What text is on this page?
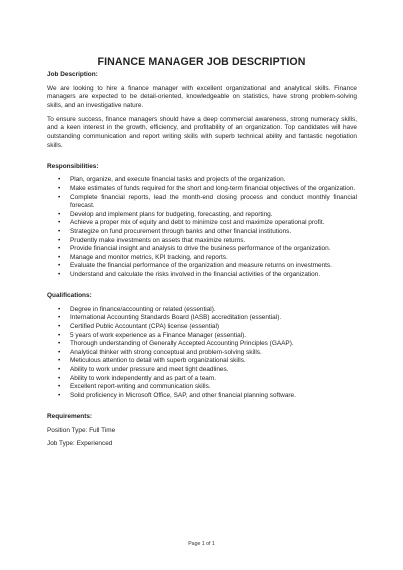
FINANCE MANAGER JOB DESCRIPTION
Job Description:

We are looking to hire a finance manager with excellent organizational and analytical skills. Finance managers are expected to be detail-oriented, knowledgeable on statistics, have strong problem-solving skills, and an investigative nature.

To ensure success, finance managers should have a deep commercial awareness, strong numeracy skills, and a keen interest in the growth, efficiency, and profitability of an organization. Top candidates will have outstanding communication and report writing skills with superb technical ability and fantastic negotiation skills.

Responsibilities:
• Plan, organize, and execute financial tasks and projects of the organization.
• Make estimates of funds required for the short and long-term financial objectives of the organization.
• Complete financial reports, lead the month-end closing process and conduct monthly financial forecast.
• Develop and implement plans for budgeting, forecasting, and reporting.
• Achieve a proper mix of equity and debt to minimize cost and maximize operational profit.
• Strategize on fund procurement through banks and other financial institutions.
• Prudently make investments on assets that maximize returns.
• Provide financial insight and analysis to drive the business performance of the organization.
• Manage and monitor metrics, KPI tracking, and reports.
• Evaluate the financial performance of the organization and measure returns on investments.
• Understand and calculate the risks involved in the financial activities of the organization.
Qualifications:
• Degree in finance/accounting or related (essential).
• International Accounting Standards Board (IASB) accreditation (essential).
• Certified Public Accountant (CPA) license (essential)
• 5 years of work experience as a Finance Manager (essential).
• Thorough understanding of Generally Accepted Accounting Principles (GAAP).
• Analytical thinker with strong conceptual and problem-solving skills.
• Meticulous attention to detail with superb organizational skills.
• Ability to work under pressure and meet tight deadlines.
• Ability to work independently and as part of a team.
• Excellent report-writing and communication skills.
• Solid proficiency in Microsoft Office, SAP, and other financial planning software.
Requirements:

Position Type: Full Time

Job Type: Experienced

Page 1 of 1
